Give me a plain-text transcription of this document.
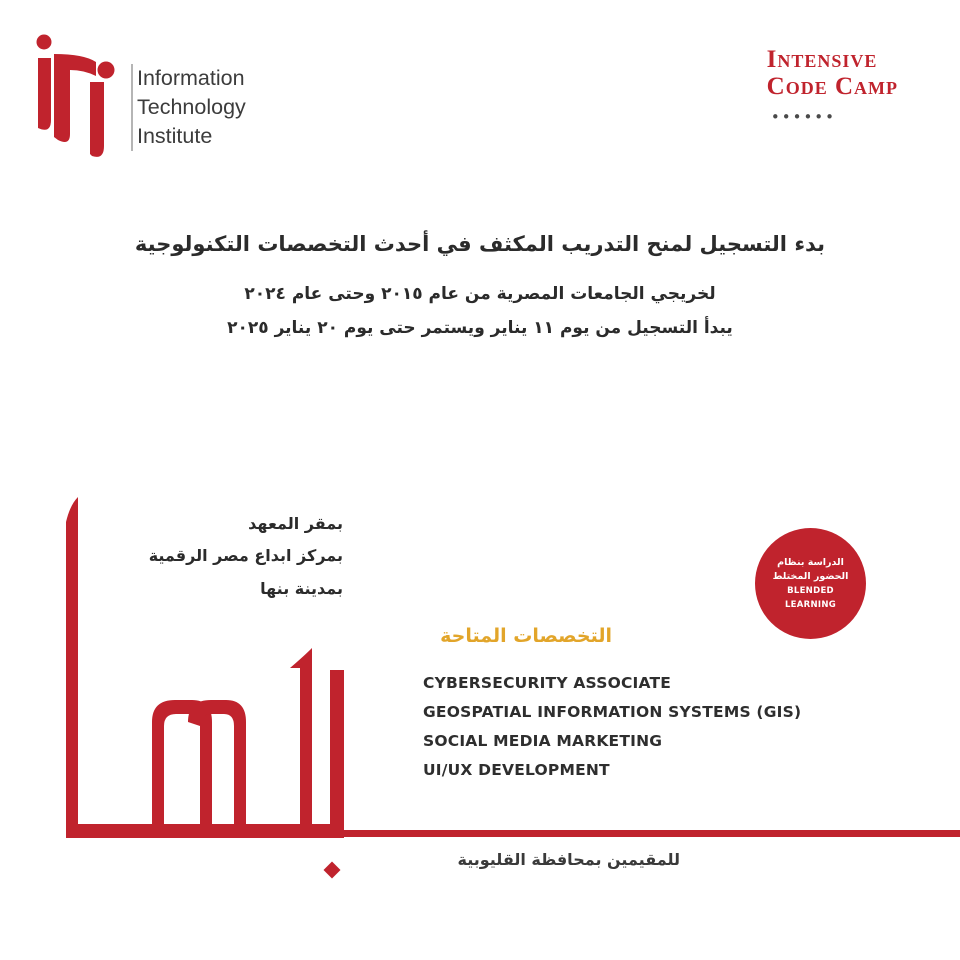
Information
Technology
Institute
Intensive
Code Camp
••••••
بدء التسجيل لمنح التدريب المكثف في أحدث التخصصات التكنولوجية
لخريجي الجامعات المصرية من عام ٢٠١٥ وحتى عام ٢٠٢٤
يبدأ التسجيل من يوم ١١ يناير ويستمر حتى يوم ٢٠ يناير ٢٠٢٥
بمقر المعهد
بمركز ابداع مصر الرقمية
بمدينة بنها
الدراسة بنظام
الحضور المختلط
BLENDED
LEARNING
التخصصات المتاحة
CYBERSECURITY ASSOCIATE
GEOSPATIAL INFORMATION SYSTEMS (GIS)
SOCIAL MEDIA MARKETING
UI/UX DEVELOPMENT
للمقيمين بمحافظة القليوبية
